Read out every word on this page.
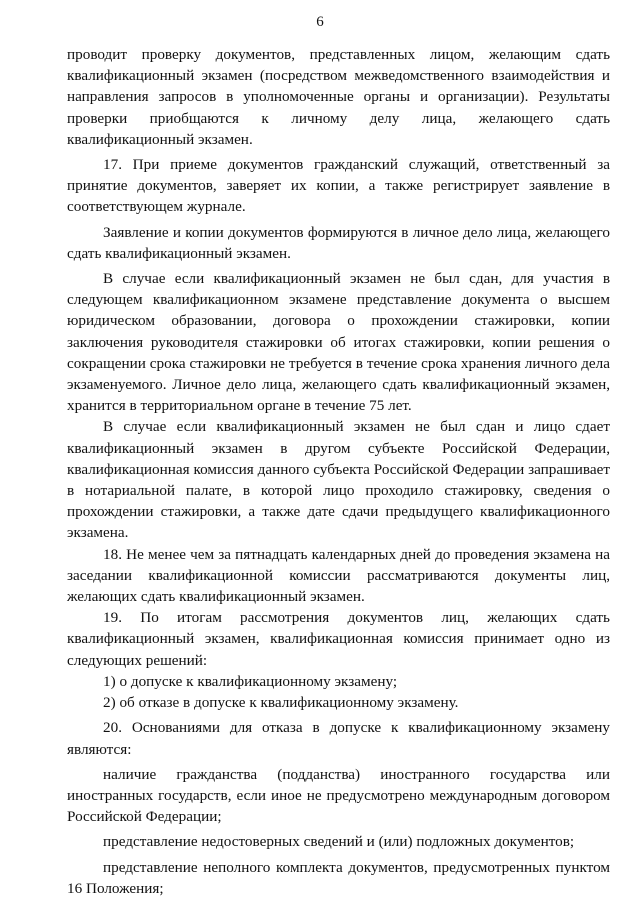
6

проводит проверку документов, представленных лицом, желающим сдать квалификационный экзамен (посредством межведомственного взаимодействия и направления запросов в уполномоченные органы и организации). Результаты проверки приобщаются к личному делу лица, желающего сдать квалификационный экзамен.

17. При приеме документов гражданский служащий, ответственный за принятие документов, заверяет их копии, а также регистрирует заявление в соответствующем журнале.

Заявление и копии документов формируются в личное дело лица, желающего сдать квалификационный экзамен.

В случае если квалификационный экзамен не был сдан, для участия в следующем квалификационном экзамене представление документа о высшем юридическом образовании, договора о прохождении стажировки, копии заключения руководителя стажировки об итогах стажировки, копии решения о сокращении срока стажировки не требуется в течение срока хранения личного дела экзаменуемого. Личное дело лица, желающего сдать квалификационный экзамен, хранится в территориальном органе в течение 75 лет.

В случае если квалификационный экзамен не был сдан и лицо сдает квалификационный экзамен в другом субъекте Российской Федерации, квалификационная комиссия данного субъекта Российской Федерации запрашивает в нотариальной палате, в которой лицо проходило стажировку, сведения о прохождении стажировки, а также дате сдачи предыдущего квалификационного экзамена.

18. Не менее чем за пятнадцать календарных дней до проведения экзамена на заседании квалификационной комиссии рассматриваются документы лиц, желающих сдать квалификационный экзамен.

19. По итогам рассмотрения документов лиц, желающих сдать квалификационный экзамен, квалификационная комиссия принимает одно из следующих решений:

1) о допуске к квалификационному экзамену;

2) об отказе в допуске к квалификационному экзамену.

20. Основаниями для отказа в допуске к квалификационному экзамену являются:

наличие гражданства (подданства) иностранного государства или иностранных государств, если иное не предусмотрено международным договором Российской Федерации;

представление недостоверных сведений и (или) подложных документов;

представление неполного комплекта документов, предусмотренных пунктом 16 Положения;
